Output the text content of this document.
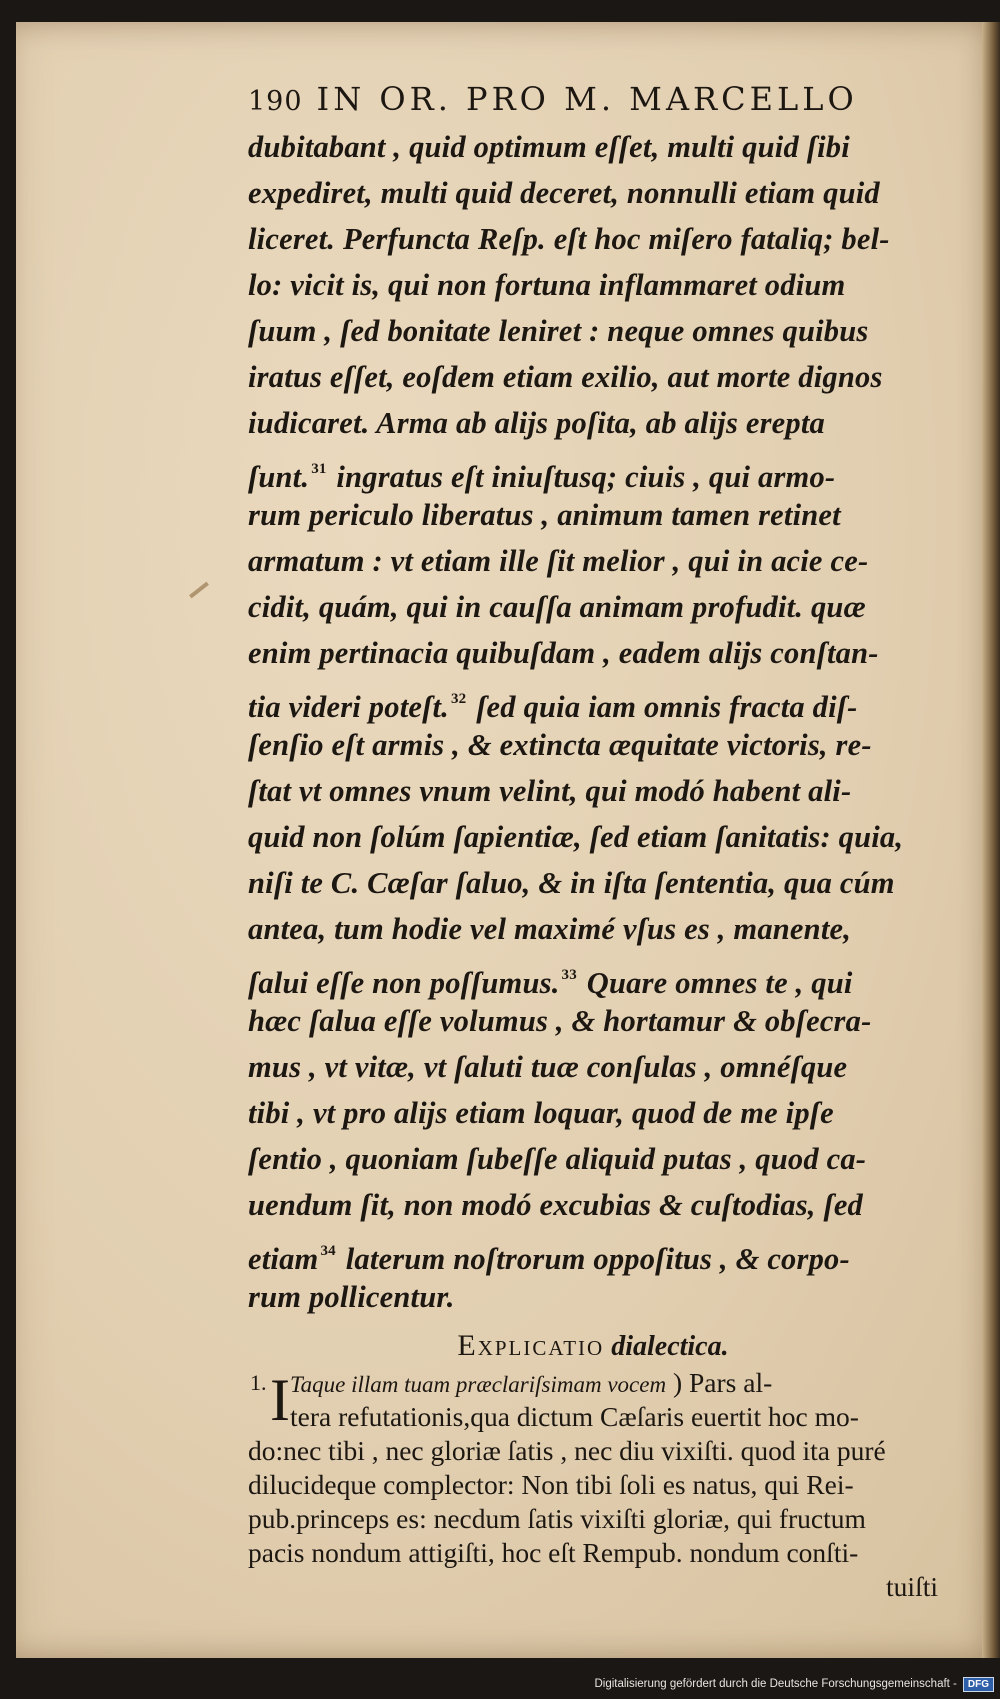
190 IN OR. PRO M. MARCELLO
dubitabant , quid optimum eſſet, multi quid ſibi
expediret, multi quid deceret, nonnulli etiam quid
liceret. Perfuncta Reſp. eſt hoc miſero fataliq; bel-
lo: vicit is, qui non fortuna inflammaret odium
ſuum , ſed bonitate leniret : neque omnes quibus
iratus eſſet, eoſdem etiam exilio, aut morte dignos
iudicaret. Arma ab alijs poſita, ab alijs erepta
ſunt. $^{31}$ ingratus eſt iniuſtusq; ciuis , qui armo-
rum periculo liberatus , animum tamen retinet
armatum : vt etiam ille ſit melior , qui in acie ce-
cidit, quám, qui in cauſſa animam profudit. quæ
enim pertinacia quibuſdam , eadem alijs conſtan-
tia videri poteſt. $^{32}$ ſed quia iam omnis fracta diſ-
ſenſio eſt armis , & extincta æquitate victoris, re-
ſtat vt omnes vnum velint, qui modó habent ali-
quid non ſolúm ſapientiæ, ſed etiam ſanitatis: quia,
niſi te C. Cæſar ſaluo, & in iſta ſententia, qua cúm
antea, tum hodie vel maximé vſus es , manente,
ſalui eſſe non poſſumus. $^{33}$ Quare omnes te , qui
hæc ſalua eſſe volumus , & hortamur & obſecra-
mus , vt vitæ, vt ſaluti tuæ conſulas , omnéſque
tibi , vt pro alijs etiam loquar, quod de me ipſe
ſentio , quoniam ſubeſſe aliquid putas , quod ca-
uendum ſit, non modó excubias & cuſtodias, ſed
etiam $^{34}$ laterum noſtrorum oppoſitus , & corpo-
rum pollicentur.
Explicatio dialectica.
1. I Taque illam tuam præclariſsimam vocem ) Pars al-
tera refutationis,qua dictum Cæſaris euertit hoc mo-
do:nec tibi , nec gloriæ ſatis , nec diu vixiſti. quod ita puré
dilucideque complector: Non tibi ſoli es natus, qui Rei-
pub.princeps es: necdum ſatis vixiſti gloriæ, qui fructum
pacis nondum attigiſti, hoc eſt Rempub. nondum conſti-
tuiſti
Digitalisierung gefördert durch die Deutsche Forschungsgemeinschaft -	DFG
